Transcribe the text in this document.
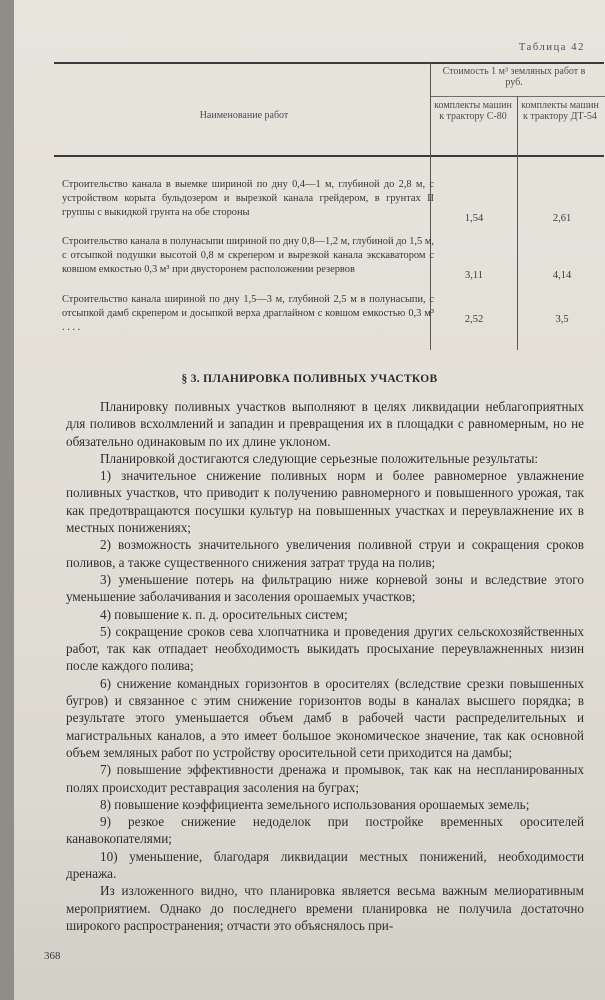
Таблица 42
Наименование работ
Стоимость 1 м³ земляных работ в руб.
комплекты машин к трактору С-80
комплекты машин к трактору ДТ-54
Строительство канала в выемке шириной по дну 0,4—1 м, глубиной до 2,8 м, с устройством корыта бульдозером и вырезкой канала грейдером, в грунтах II группы с выкидкой грунта на обе стороны
1,54	2,61
Строительство канала в полунасыпи шириной по дну 0,8—1,2 м, глубиной до 1,5 м, с отсыпкой подушки высотой 0,8 м скрепером и вырезкой канала экскаватором с ковшом емкостью 0,3 м³ при двусторонем расположении резервов
3,11	4,14
Строительство канала шириной по дну 1,5—3 м, глубиной 2,5 м в полунасыпи, с отсыпкой дамб скрепером и досыпкой верха драглайном с ковшом емкостью 0,3 м³ . . . .
2,52	3,5
§ 3. ПЛАНИРОВКА ПОЛИВНЫХ УЧАСТКОВ

Планировку поливных участков выполняют в целях ликвидации неблагоприятных для поливов всхолмлений и западин и превращения их в площадки с равномерным, но не обязательно одинаковым по их длине уклоном.

Планировкой достигаются следующие серьезные положительные результаты:

1) значительное снижение поливных норм и более равномерное увлажнение поливных участков, что приводит к получению равномерного и повышенного урожая, так как предотвращаются посушки культур на повышенных участках и переувлажнение их в местных понижениях;

2) возможность значительного увеличения поливной струи и сокращения сроков поливов, а также существенного снижения затрат труда на полив;

3) уменьшение потерь на фильтрацию ниже корневой зоны и вследствие этого уменьшение заболачивания и засоления орошаемых участков;

4) повышение к. п. д. оросительных систем;

5) сокращение сроков сева хлопчатника и проведения других сельскохозяйственных работ, так как отпадает необходимость выкидать просыхание переувлажненных низин после каждого полива;

6) снижение командных горизонтов в оросителях (вследствие срезки повышенных бугров) и связанное с этим снижение горизонтов воды в каналах высшего порядка; в результате этого уменьшается объем дамб в рабочей части распределительных и магистральных каналов, а это имеет большое экономическое значение, так как основной объем земляных работ по устройству оросительной сети приходится на дамбы;

7) повышение эффективности дренажа и промывок, так как на неспланированных полях происходит реставрация засоления на буграх;

8) повышение коэффициента земельного использования орошаемых земель;

9) резкое снижение недоделок при постройке временных оросителей канавокопателями;

10) уменьшение, благодаря ликвидации местных понижений, необходимости дренажа.

Из изложенного видно, что планировка является весьма важным мелиоративным мероприятием. Однако до последнего времени планировка не получила достаточно широкого распространения; отчасти это объяснялось при-

368
